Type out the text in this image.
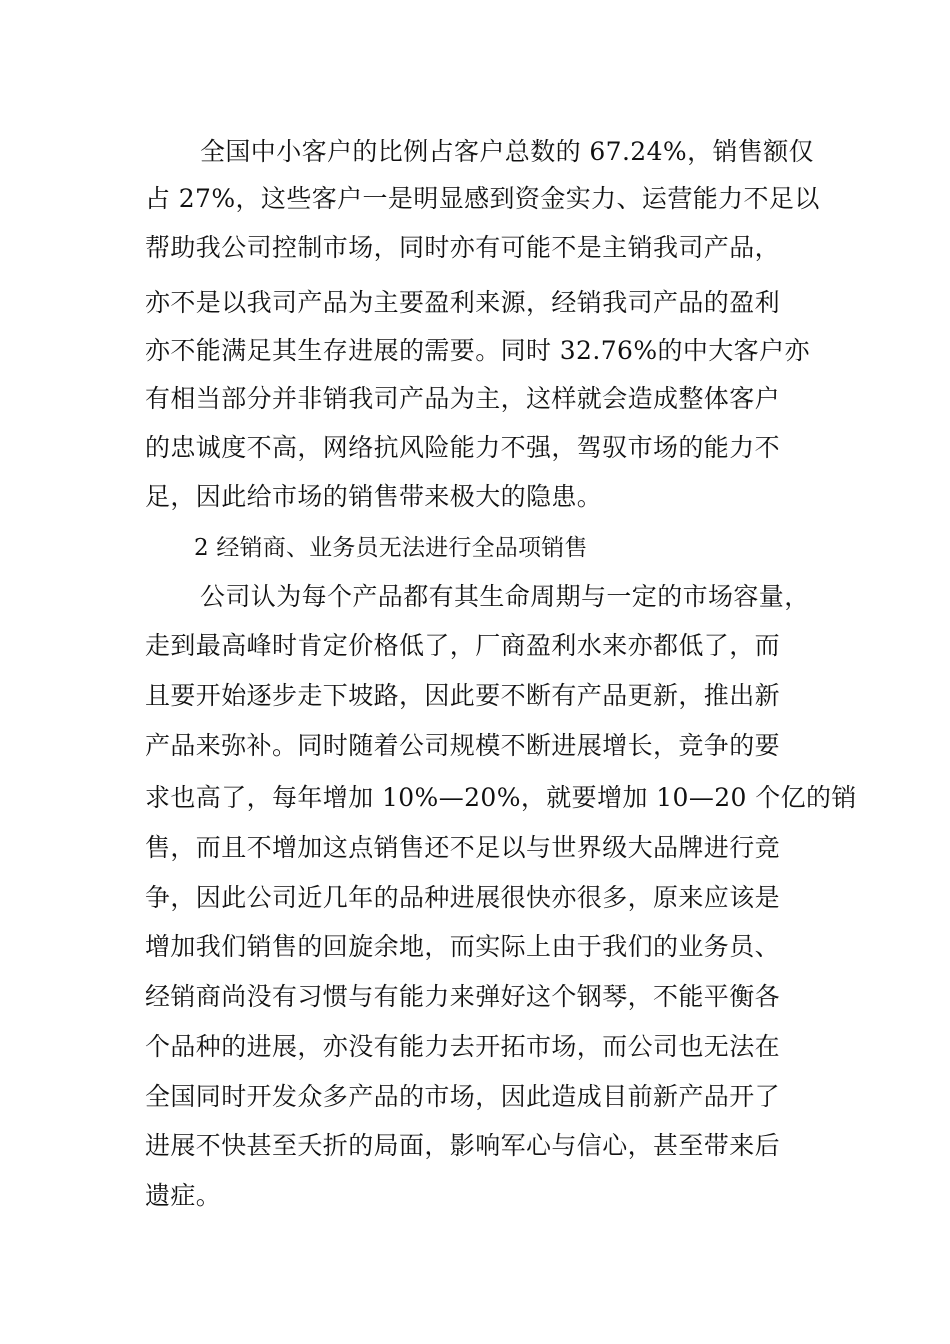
全国中小客户的比例占客户总数的 67.24%，销售额仅
占 27%，这些客户一是明显感到资金实力、运营能力不足以
帮助我公司控制市场，同时亦有可能不是主销我司产品，
亦不是以我司产品为主要盈利来源，经销我司产品的盈利
亦不能满足其生存进展的需要。同时 32.76%的中大客户亦
有相当部分并非销我司产品为主，这样就会造成整体客户
的忠诚度不高，网络抗风险能力不强，驾驭市场的能力不
足，因此给市场的销售带来极大的隐患。
2 经销商、业务员无法进行全品项销售
公司认为每个产品都有其生命周期与一定的市场容量，
走到最高峰时肯定价格低了，厂商盈利水来亦都低了，而
且要开始逐步走下坡路，因此要不断有产品更新，推出新
产品来弥补。同时随着公司规模不断进展增长，竞争的要
求也高了，每年增加 10%—20%，就要增加 10—20 个亿的销
售，而且不增加这点销售还不足以与世界级大品牌进行竞
争，因此公司近几年的品种进展很快亦很多，原来应该是
增加我们销售的回旋余地，而实际上由于我们的业务员、
经销商尚没有习惯与有能力来弹好这个钢琴，不能平衡各
个品种的进展，亦没有能力去开拓市场，而公司也无法在
全国同时开发众多产品的市场，因此造成目前新产品开了
进展不快甚至夭折的局面，影响军心与信心，甚至带来后
遗症。
